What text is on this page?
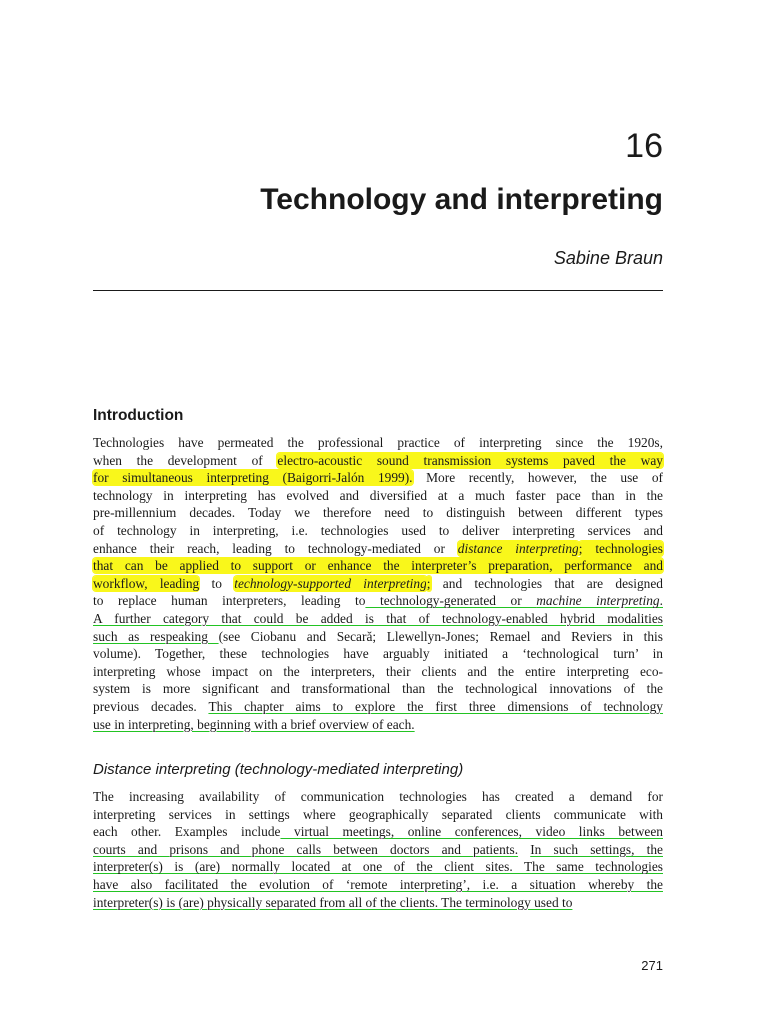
16
Technology and interpreting
Sabine Braun
Introduction
Technologies have permeated the professional practice of interpreting since the 1920s,
when the development of electro-acoustic sound transmission systems paved the way
for simultaneous interpreting (Baigorri-Jalón 1999). More recently, however, the use of
technology in interpreting has evolved and diversified at a much faster pace than in the
pre-millennium decades. Today we therefore need to distinguish between different types
of technology in interpreting, i.e. technologies used to deliver interpreting services and
enhance their reach, leading to technology-mediated or distance interpreting; technologies
that can be applied to support or enhance the interpreter’s preparation, performance and
workflow, leading to technology-supported interpreting; and technologies that are designed
to replace human interpreters, leading to technology-generated or machine interpreting.
A further category that could be added is that of technology-enabled hybrid modalities
such as respeaking (see Ciobanu and Secară; Llewellyn-Jones; Remael and Reviers in this
volume). Together, these technologies have arguably initiated a ‘technological turn’ in
interpreting whose impact on the interpreters, their clients and the entire interpreting eco-
system is more significant and transformational than the technological innovations of the
previous decades. This chapter aims to explore the first three dimensions of technology
use in interpreting, beginning with a brief overview of each.
Distance interpreting (technology-mediated interpreting)
The increasing availability of communication technologies has created a demand for
interpreting services in settings where geographically separated clients communicate with
each other. Examples include virtual meetings, online conferences, video links between
courts and prisons and phone calls between doctors and patients. In such settings, the
interpreter(s) is (are) normally located at one of the client sites. The same technologies
have also facilitated the evolution of ‘remote interpreting’, i.e. a situation whereby the
interpreter(s) is (are) physically separated from all of the clients. The terminology used to
271
